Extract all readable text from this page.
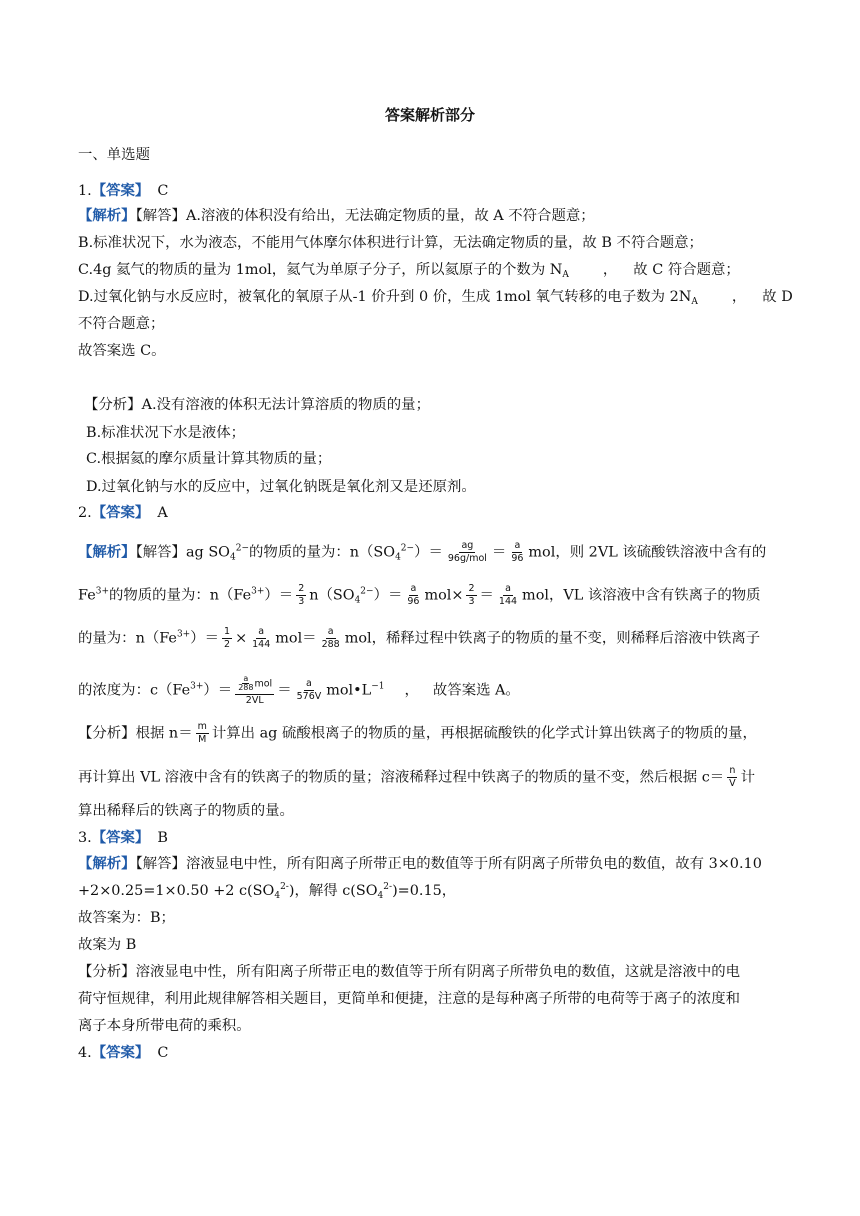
答案解析部分
一、单选题
1.【答案】 C
【解析】【解答】A.溶液的体积没有给出，无法确定物质的量，故 A 不符合题意；
B.标准状况下，水为液态，不能用气体摩尔体积进行计算，无法确定物质的量，故 B 不符合题意；
C.4g 氦气的物质的量为 1mol，氦气为单原子分子，所以氦原子的个数为 $N_A$ ， 故 C 符合题意；
D.过氧化钠与水反应时，被氧化的氧原子从-1 价升到 0 价，生成 1mol 氧气转移的电子数为 $2N_A$ ， 故 D
不符合题意；
故答案选 C。
【分析】A.没有溶液的体积无法计算溶质的物质的量；
B.标准状况下水是液体；
C.根据氦的摩尔质量计算其物质的量；
D.过氧化钠与水的反应中，过氧化钠既是氧化剂又是还原剂。
2.【答案】 A
【解析】【解答】ag $SO_4^{2-}$的物质的量为：$n(SO_4^{2-})= \frac{ag}{\text{96g/mol}} = \frac{a}{96}$ mol，则 2VL 该硫酸铁溶液中含有的
$Fe^{3+}$的物质的量为：$n(Fe^{3+})= \frac{2}{3} n(SO_4^{2-})= \frac{a}{96} mol\times \frac{2}{3} = \frac{a}{144}$ mol，VL 该溶液中含有铁离子的物质
的量为：$n(Fe^{3+})= \frac{1}{2} \times \frac{a}{144} mol= \frac{a}{288}$ mol，稀释过程中铁离子的物质的量不变，则稀释后溶液中铁离子
的浓度为：$c(Fe^{3+})= \frac{\frac{a}{288} mol}{2VL} = \frac{a}{576V}$ $mol•L^{-1}$ ， 故答案选 A。
【分析】根据 $n= \frac{m}{M}$ 计算出 ag 硫酸根离子的物质的量，再根据硫酸铁的化学式计算出铁离子的物质的量，
再计算出 VL 溶液中含有的铁离子的物质的量；溶液稀释过程中铁离子的物质的量不变，然后根据 $c= \frac{n}{V}$ 计
算出稀释后的铁离子的物质的量。
3.【答案】 B
【解析】【解答】溶液显电中性，所有阳离子所带正电的数值等于所有阴离子所带负电的数值，故有 3×0.10
+2×0.25=1×0.50 +2 $c(SO_4^{2-})$，解得 $c(SO_4^{2-})=0.15$，
故答案为：B；
故案为 B
【分析】溶液显电中性，所有阳离子所带正电的数值等于所有阴离子所带负电的数值，这就是溶液中的电
荷守恒规律，利用此规律解答相关题目，更简单和便捷，注意的是每种离子所带的电荷等于离子的浓度和
离子本身所带电荷的乘积。
4.【答案】 C
